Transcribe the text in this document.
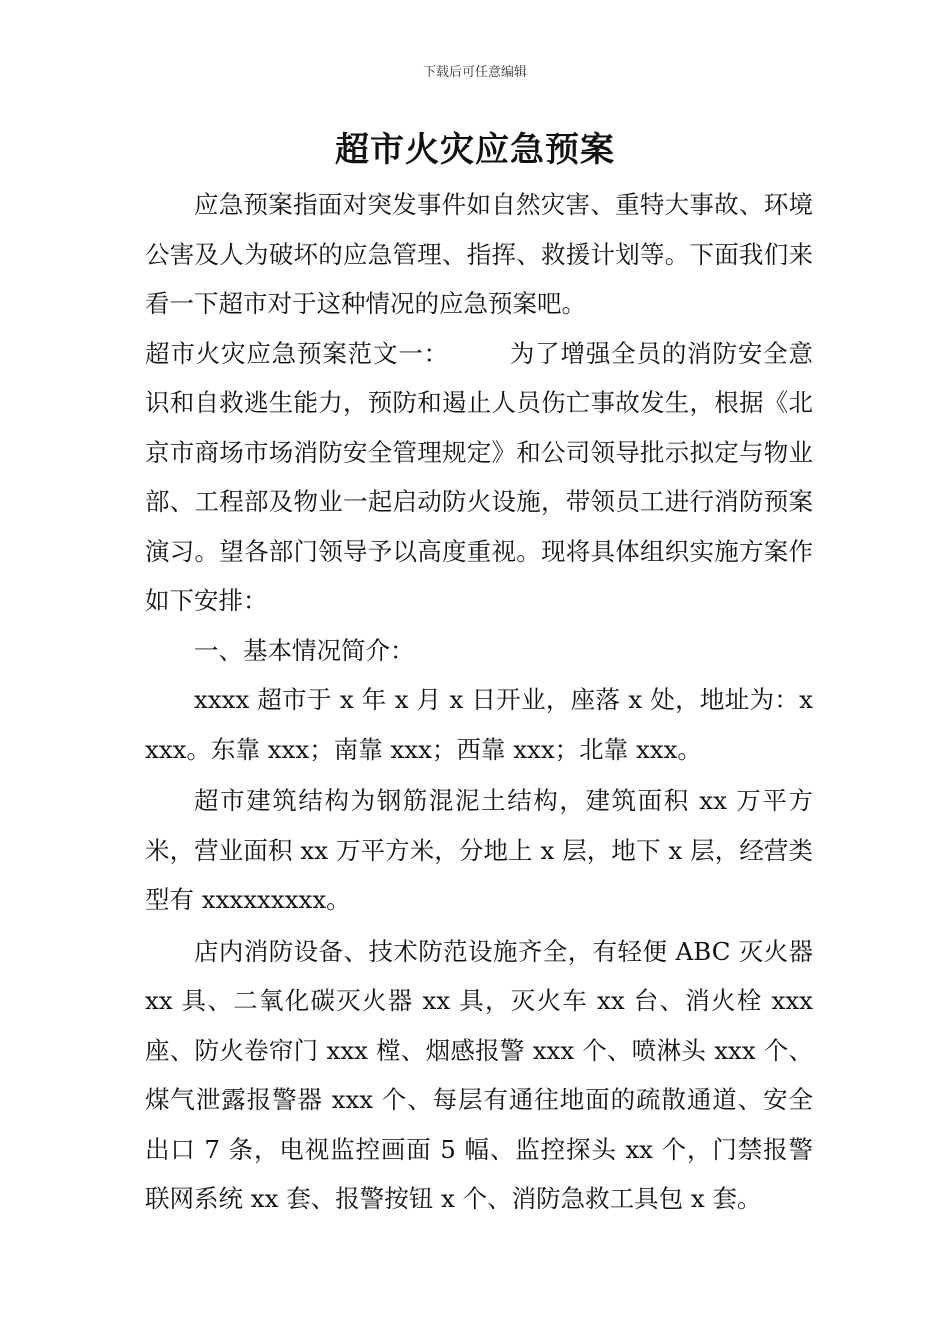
下载后可任意编辑
超市火灾应急预案

应急预案指面对突发事件如自然灾害、重特大事故、环境公害及人为破坏的应急管理、指挥、救援计划等。下面我们来看一下超市对于这种情况的应急预案吧。

超市火灾应急预案范文一： 为了增强全员的消防安全意识和自救逃生能力，预防和遏止人员伤亡事故发生，根据《北京市商场市场消防安全管理规定》和公司领导批示拟定与物业部、工程部及物业一起启动防火设施，带领员工进行消防预案演习。望各部门领导予以高度重视。现将具体组织实施方案作如下安排：

一、基本情况简介：

xxxx 超市于 x 年 x 月 x 日开业，座落 x 处，地址为：xxxx。东靠 xxx；南靠 xxx；西靠 xxx；北靠 xxx。

超市建筑结构为钢筋混泥土结构，建筑面积 xx 万平方米，营业面积 xx 万平方米，分地上 x 层，地下 x 层，经营类型有 xxxxxxxxx。

店内消防设备、技术防范设施齐全，有轻便 ABC 灭火器 xx 具、二氧化碳灭火器 xx 具，灭火车 xx 台、消火栓 xxx 座、防火卷帘门 xxx 樘、烟感报警 xxx 个、喷淋头 xxx 个、煤气泄露报警器 xxx 个、每层有通往地面的疏散通道、安全出口 7 条，电视监控画面 5 幅、监控探头 xx 个，门禁报警联网系统 xx 套、报警按钮 x 个、消防急救工具包 x 套。
